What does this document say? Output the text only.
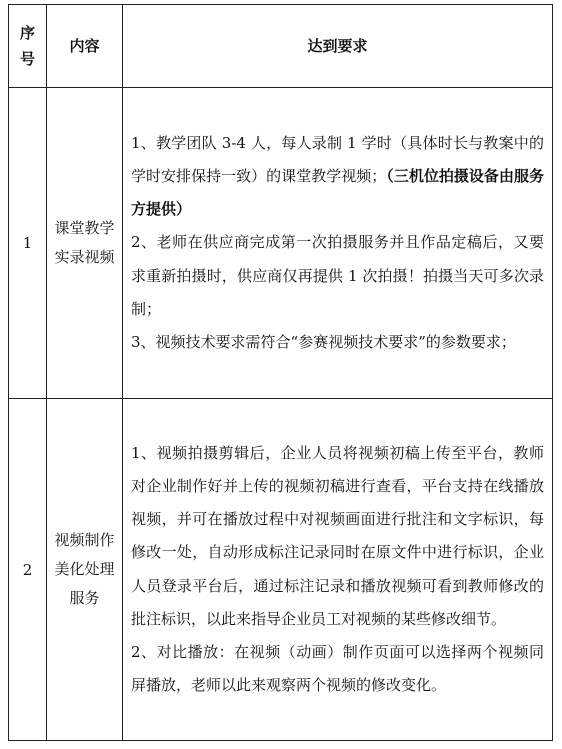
序号	内容	达到要求
1	课堂教学实录视频	1、教学团队 3-4 人，每人录制 1 学时（具体时长与教案中的学时安排保持一致）的课堂教学视频；（三机位拍摄设备由服务方提供）

2、老师在供应商完成第一次拍摄服务并且作品定稿后，又要求重新拍摄时，供应商仅再提供 1 次拍摄！拍摄当天可多次录制；

3、视频技术要求需符合“参赛视频技术要求”的参数要求；

2	视频制作美化处理服务	1、视频拍摄剪辑后，企业人员将视频初稿上传至平台，教师对企业制作好并上传的视频初稿进行查看，平台支持在线播放视频，并可在播放过程中对视频画面进行批注和文字标识，每修改一处，自动形成标注记录同时在原文件中进行标识，企业人员登录平台后，通过标注记录和播放视频可看到教师修改的批注标识，以此来指导企业员工对视频的某些修改细节。

2、对比播放：在视频（动画）制作页面可以选择两个视频同屏播放，老师以此来观察两个视频的修改变化。
